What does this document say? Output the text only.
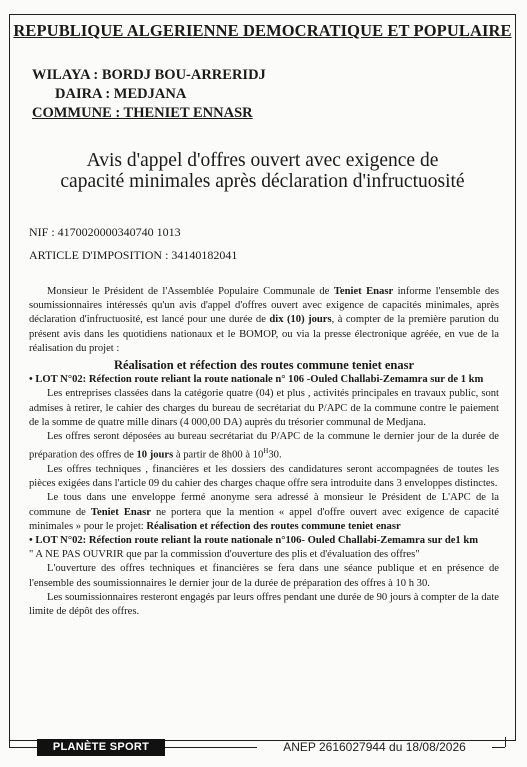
REPUBLIQUE ALGERIENNE DEMOCRATIQUE ET POPULAIRE
WILAYA : BORDJ BOU-ARRERIDJ
DAIRA : MEDJANA
COMMUNE : THENIET ENNASR
Avis d'appel d'offres ouvert avec exigence de
capacité minimales après déclaration d'infructuosité
NIF : 4170020000340740 1013
ARTICLE D'IMPOSITION : 34140182041

Monsieur le Président de l'Assemblée Populaire Communale de Teniet Enasr informe l'ensemble des soumissionnaires intéressés qu'un avis d'appel d'offres ouvert avec exigence de capacités minimales, après déclaration d'infructuosité, est lancé pour une durée de dix (10) jours, à compter de la première parution du présent avis dans les quotidiens nationaux et le BOMOP, ou via la presse électronique agréée, en vue de la réalisation du projet :

Réalisation et réfection des routes commune teniet enasr

• LOT N°02: Réfection route reliant la route nationale n° 106 -Ouled Challabi-Zemamra sur de 1 km

Les entreprises classées dans la catégorie quatre (04) et plus , activités principales en travaux public, sont admises à retirer, le cahier des charges du bureau de secrétariat du P/APC de la commune contre le paiement de la somme de quatre mille dinars (4 000,00 DA) auprès du trésorier communal de Medjana.

Les offres seront déposées au bureau secrétariat du P/APC de la commune le dernier jour de la durée de préparation des offres de 10 jours à partir de 8h00 à $10^H30$.

Les offres techniques , financières et les dossiers des candidatures seront accompagnées de toutes les pièces exigées dans l'article 09 du cahier des charges chaque offre sera introduite dans 3 enveloppes distinctes.

Le tous dans une enveloppe fermé anonyme sera adressé à monsieur le Président de L'APC de la commune de Teniet Enasr ne portera que la mention « appel d'offre ouvert avec exigence de capacité minimales » pour le projet: Réalisation et réfection des routes commune teniet enasr

• LOT N°02: Réfection route reliant la route nationale n°106- Ouled Challabi-Zemamra sur de1 km

" A NE PAS OUVRIR que par la commission d'ouverture des plis et d'évaluation des offres"

L'ouverture des offres techniques et financières se fera dans une séance publique et en présence de l'ensemble des soumissionnaires le dernier jour de la durée de préparation des offres à 10 h 30.

Les soumissionnaires resteront engagés par leurs offres pendant une durée de 90 jours à compter de la date limite de dépôt des offres.

PLANÈTE SPORT	ANEP 2616027944 du 18/08/2026
